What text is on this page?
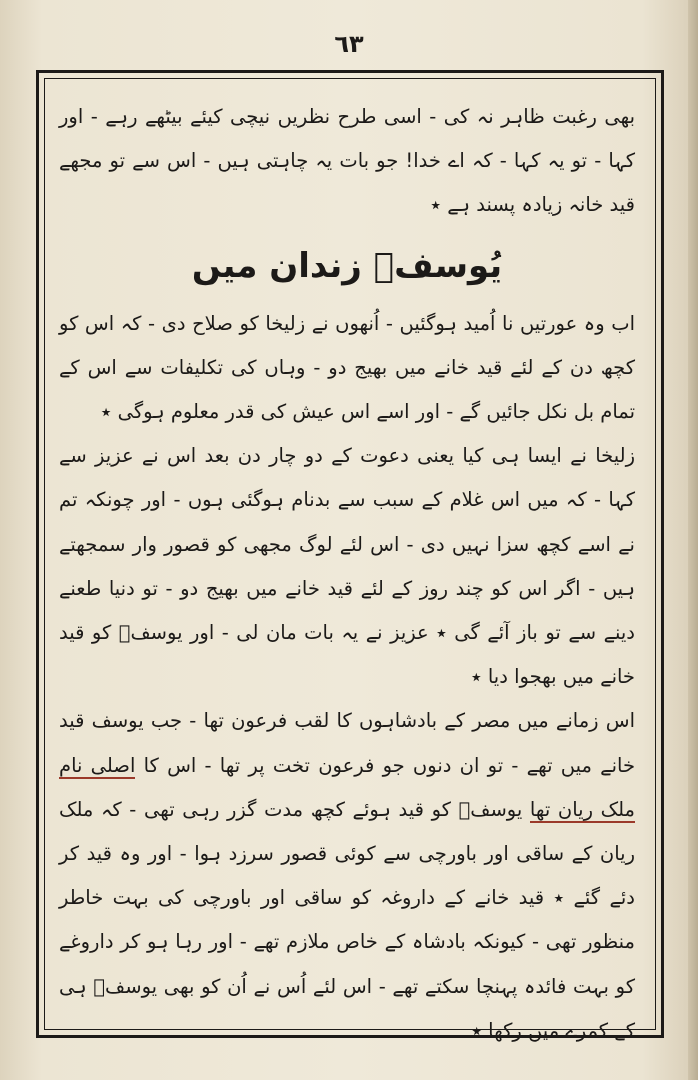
٦٣

بھی رغبت ظاہر نہ کی - اسی طرح نظریں نیچی کیئے بیٹھے رہے - اور کہا - تو یہ کہا - کہ اے خدا! جو بات یہ چاہتی ہیں - اس سے تو مجھے قید خانہ زیادہ پسند ہے ٭

یُوسفؑ زندان میں

اب وہ عورتیں نا اُمید ہوگئیں - اُنھوں نے زلیخا کو صلاح دی - کہ اس کو کچھ دن کے لئے قید خانے میں بھیج دو - وہاں کی تکلیفات سے اس کے تمام بل نکل جائیں گے - اور اسے اس عیش کی قدر معلوم ہوگی ٭

زلیخا نے ایسا ہی کیا یعنی دعوت کے دو چار دن بعد اس نے عزیز سے کہا - کہ میں اس غلام کے سبب سے بدنام ہوگئی ہوں - اور چونکہ تم نے اسے کچھ سزا نہیں دی - اس لئے لوگ مجھی کو قصور وار سمجھتے ہیں - اگر اس کو چند روز کے لئے قید خانے میں بھیج دو - تو دنیا طعنے دینے سے تو باز آئے گی ٭ عزیز نے یہ بات مان لی - اور یوسفؑ کو قید خانے میں بھجوا دیا ٭

اس زمانے میں مصر کے بادشاہوں کا لقب فرعون تھا - جب یوسف قید خانے میں تھے - تو ان دنوں جو فرعون تخت پر تھا - اس کا اصلی نام ملک ریان تھا یوسفؑ کو قید ہوئے کچھ مدت گزر رہی تھی - کہ ملک ریان کے ساقی اور باورچی سے کوئی قصور سرزد ہوا - اور وہ قید کر دئے گئے ٭ قید خانے کے داروغہ کو ساقی اور باورچی کی بہت خاطر منظور تھی - کیونکہ بادشاہ کے خاص ملازم تھے - اور رہا ہو کر داروغے کو بہت فائدہ پہنچا سکتے تھے - اس لئے اُس نے اُن کو بھی یوسفؑ ہی کے کمرے میں رکھا ٭
